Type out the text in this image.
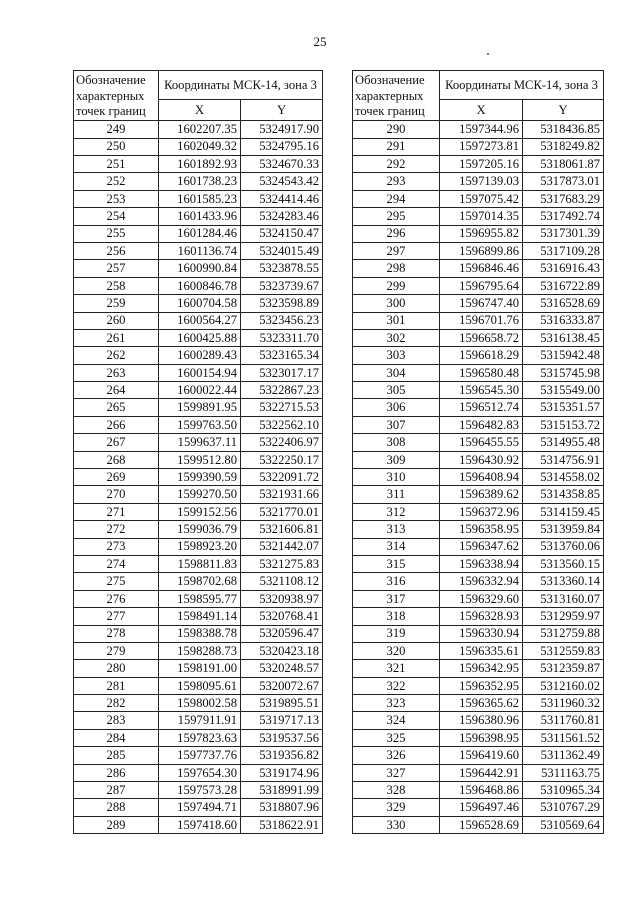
25
Обозначение характерных точек границ	Координаты МСК-14, зона 3	
	X	Y
249	1602207.35	5324917.90
250	1602049.32	5324795.16
251	1601892.93	5324670.33
252	1601738.23	5324543.42
253	1601585.23	5324414.46
254	1601433.96	5324283.46
255	1601284.46	5324150.47
256	1601136.74	5324015.49
257	1600990.84	5323878.55
258	1600846.78	5323739.67
259	1600704.58	5323598.89
260	1600564.27	5323456.23
261	1600425.88	5323311.70
262	1600289.43	5323165.34
263	1600154.94	5323017.17
264	1600022.44	5322867.23
265	1599891.95	5322715.53
266	1599763.50	5322562.10
267	1599637.11	5322406.97
268	1599512.80	5322250.17
269	1599390.59	5322091.72
270	1599270.50	5321931.66
271	1599152.56	5321770.01
272	1599036.79	5321606.81
273	1598923.20	5321442.07
274	1598811.83	5321275.83
275	1598702.68	5321108.12
276	1598595.77	5320938.97
277	1598491.14	5320768.41
278	1598388.78	5320596.47
279	1598288.73	5320423.18
280	1598191.00	5320248.57
281	1598095.61	5320072.67
282	1598002.58	5319895.51
283	1597911.91	5319717.13
284	1597823.63	5319537.56
285	1597737.76	5319356.82
286	1597654.30	5319174.96
287	1597573.28	5318991.99
288	1597494.71	5318807.96
289	1597418.60	5318622.91
Обозначение характерных точек границ	Координаты МСК-14, зона 3	
	X	Y
290	1597344.96	5318436.85
291	1597273.81	5318249.82
292	1597205.16	5318061.87
293	1597139.03	5317873.01
294	1597075.42	5317683.29
295	1597014.35	5317492.74
296	1596955.82	5317301.39
297	1596899.86	5317109.28
298	1596846.46	5316916.43
299	1596795.64	5316722.89
300	1596747.40	5316528.69
301	1596701.76	5316333.87
302	1596658.72	5316138.45
303	1596618.29	5315942.48
304	1596580.48	5315745.98
305	1596545.30	5315549.00
306	1596512.74	5315351.57
307	1596482.83	5315153.72
308	1596455.55	5314955.48
309	1596430.92	5314756.91
310	1596408.94	5314558.02
311	1596389.62	5314358.85
312	1596372.96	5314159.45
313	1596358.95	5313959.84
314	1596347.62	5313760.06
315	1596338.94	5313560.15
316	1596332.94	5313360.14
317	1596329.60	5313160.07
318	1596328.93	5312959.97
319	1596330.94	5312759.88
320	1596335.61	5312559.83
321	1596342.95	5312359.87
322	1596352.95	5312160.02
323	1596365.62	5311960.32
324	1596380.96	5311760.81
325	1596398.95	5311561.52
326	1596419.60	5311362.49
327	1596442.91	5311163.75
328	1596468.86	5310965.34
329	1596497.46	5310767.29
330	1596528.69	5310569.64
